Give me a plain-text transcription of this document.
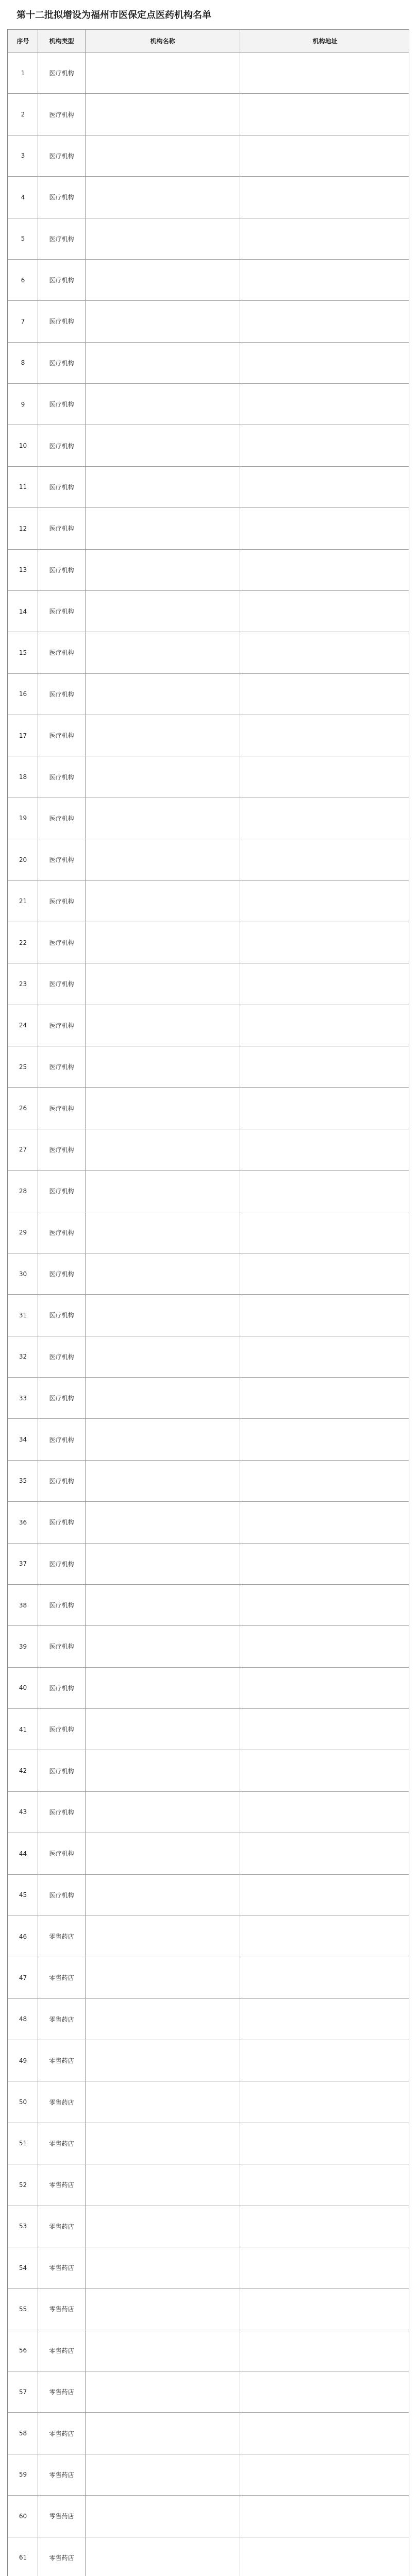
第十二批拟增设为福州市医保定点医药机构名单
序号	机构类型	机构名称	机构地址
1	医疗机构		
2	医疗机构		
3	医疗机构		
4	医疗机构		
5	医疗机构		
6	医疗机构		
7	医疗机构		
8	医疗机构		
9	医疗机构		
10	医疗机构		
11	医疗机构		
12	医疗机构		
13	医疗机构		
14	医疗机构		
15	医疗机构		
16	医疗机构		
17	医疗机构		
18	医疗机构		
19	医疗机构		
20	医疗机构		
21	医疗机构		
22	医疗机构		
23	医疗机构		
24	医疗机构		
25	医疗机构		
26	医疗机构		
27	医疗机构		
28	医疗机构		
29	医疗机构		
30	医疗机构		
31	医疗机构		
32	医疗机构		
33	医疗机构		
34	医疗机构		
35	医疗机构		
36	医疗机构		
37	医疗机构		
38	医疗机构		
39	医疗机构		
40	医疗机构		
41	医疗机构		
42	医疗机构		
43	医疗机构		
44	医疗机构		
45	医疗机构		
46	零售药店		
47	零售药店		
48	零售药店		
49	零售药店		
50	零售药店		
51	零售药店		
52	零售药店		
53	零售药店		
54	零售药店		
55	零售药店		
56	零售药店		
57	零售药店		
58	零售药店		
59	零售药店		
60	零售药店		
61	零售药店		
